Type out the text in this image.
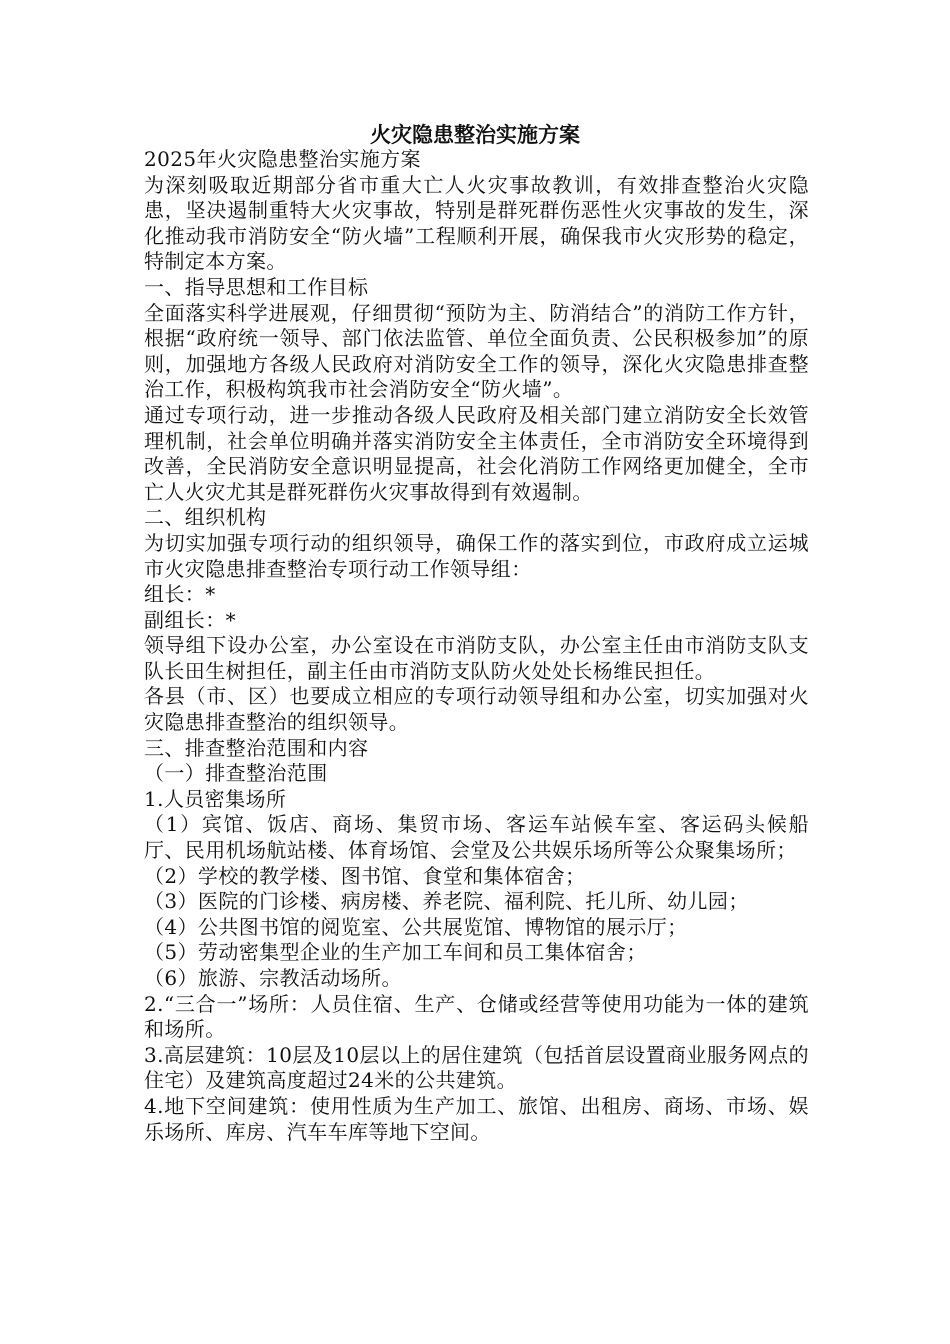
火灾隐患整治实施方案

2025年火灾隐患整治实施方案

为深刻吸取近期部分省市重大亡人火灾事故教训，有效排查整治火灾隐患，坚决遏制重特大火灾事故，特别是群死群伤恶性火灾事故的发生，深化推动我市消防安全“防火墙”工程顺利开展，确保我市火灾形势的稳定，特制定本方案。

一、指导思想和工作目标

全面落实科学进展观，仔细贯彻“预防为主、防消结合”的消防工作方针，根据“政府统一领导、部门依法监管、单位全面负责、公民积极参加”的原则，加强地方各级人民政府对消防安全工作的领导，深化火灾隐患排查整治工作，积极构筑我市社会消防安全“防火墙”。

通过专项行动，进一步推动各级人民政府及相关部门建立消防安全长效管理机制，社会单位明确并落实消防安全主体责任，全市消防安全环境得到改善，全民消防安全意识明显提高，社会化消防工作网络更加健全，全市亡人火灾尤其是群死群伤火灾事故得到有效遏制。

二、组织机构

为切实加强专项行动的组织领导，确保工作的落实到位，市政府成立运城市火灾隐患排查整治专项行动工作领导组：

组长：*

副组长：*

领导组下设办公室，办公室设在市消防支队，办公室主任由市消防支队支队长田生树担任，副主任由市消防支队防火处处长杨维民担任。

各县（市、区）也要成立相应的专项行动领导组和办公室，切实加强对火灾隐患排查整治的组织领导。

三、排查整治范围和内容

（一）排查整治范围

1.人员密集场所

（1）宾馆、饭店、商场、集贸市场、客运车站候车室、客运码头候船厅、民用机场航站楼、体育场馆、会堂及公共娱乐场所等公众聚集场所；

（2）学校的教学楼、图书馆、食堂和集体宿舍；

（3）医院的门诊楼、病房楼、养老院、福利院、托儿所、幼儿园；

（4）公共图书馆的阅览室、公共展览馆、博物馆的展示厅；

（5）劳动密集型企业的生产加工车间和员工集体宿舍；

（6）旅游、宗教活动场所。

2.“三合一”场所：人员住宿、生产、仓储或经营等使用功能为一体的建筑和场所。

3.高层建筑：10层及10层以上的居住建筑（包括首层设置商业服务网点的住宅）及建筑高度超过24米的公共建筑。

4.地下空间建筑：使用性质为生产加工、旅馆、出租房、商场、市场、娱乐场所、库房、汽车车库等地下空间。
